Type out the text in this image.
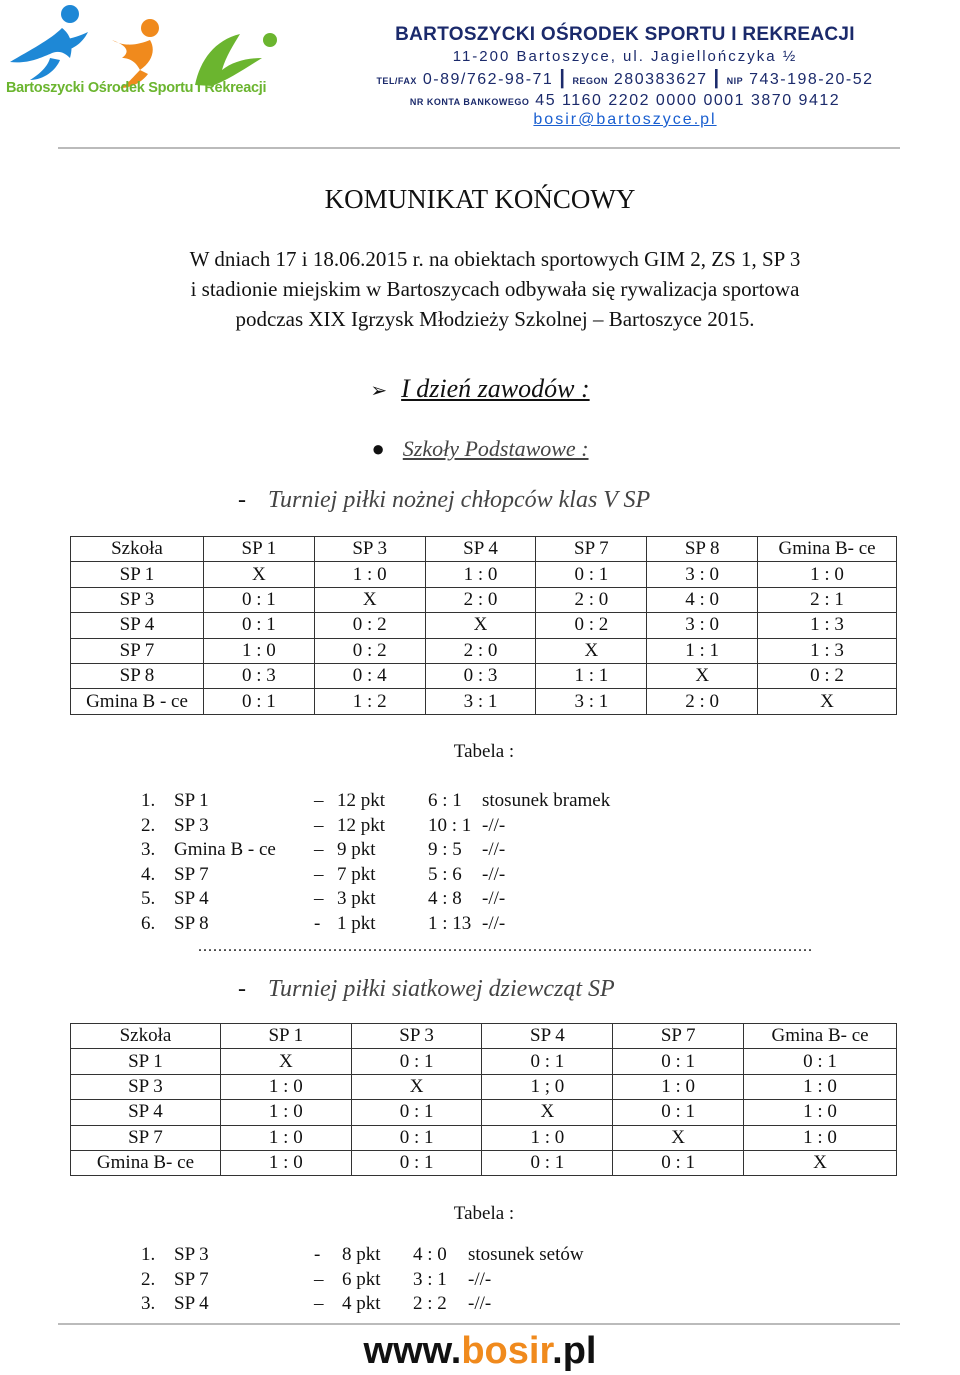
Bartoszycki Ośrodek Sportu I Rekreacji
BARTOSZYCKI OŚRODEK SPORTU I REKREACJI
11-200 Bartoszyce, ul. Jagiellończyka ½
TEL/FAX 0-89/762-98-71 | REGON 280383627 | NIP 743-198-20-52
NR KONTA BANKOWEGO 45 1160 2202 0000 0001 3870 9412
bosir@bartoszyce.pl
KOMUNIKAT KOŃCOWY
W dniach 17 i 18.06.2015 r. na obiektach sportowych GIM 2, ZS 1, SP 3
i stadionie miejskim w Bartoszycach odbywała się rywalizacja sportowa
podczas XIX Igrzysk Młodzieży Szkolnej – Bartoszyce 2015.
➢ I dzień zawodów :
● Szkoły Podstawowe :
- Turniej piłki nożnej chłopców klas V SP
Szkoła	SP 1	SP 3	SP 4	SP 7	SP 8	Gmina B- ce
SP 1	X	1 : 0	1 : 0	0 : 1	3 : 0	1 : 0
SP 3	0 : 1	X	2 : 0	2 : 0	4 : 0	2 : 1
SP 4	0 : 1	0 : 2	X	0 : 2	3 : 0	1 : 3
SP 7	1 : 0	0 : 2	2 : 0	X	1 : 1	1 : 3
SP 8	0 : 3	0 : 4	0 : 3	1 : 1	X	0 : 2
Gmina B - ce	0 : 1	1 : 2	3 : 1	3 : 1	2 : 0	X
Tabela :
1. SP 1	– 12 pkt 6 : 1 stosunek bramek
2. SP 3	– 12 pkt 10 : 1 -//-
3. Gmina B - ce – 9 pkt	9 : 5 -//-
4. SP 7	– 7 pkt	5 : 6 -//-
5. SP 4	– 3 pkt	4 : 8 -//-
6. SP 8	- 1 pkt	1 : 13 -//-
...........................................................................................................................
- Turniej piłki siatkowej dziewcząt SP
Szkoła	SP 1	SP 3	SP 4	SP 7	Gmina B- ce
SP 1	X	0 : 1	0 : 1	0 : 1	0 : 1
SP 3	1 : 0	X	1 ; 0	1 : 0	1 : 0
SP 4	1 : 0	0 : 1	X	0 : 1	1 : 0
SP 7	1 : 0	0 : 1	1 : 0	X	1 : 0
Gmina B- ce	1 : 0	0 : 1	0 : 1	0 : 1	X
Tabela :
1. SP 3	- 8 pkt 4 : 0 stosunek setów
2. SP 7	– 6 pkt 3 : 1 -//-
3. SP 4	– 4 pkt 2 : 2 -//-
www.bosir.pl
